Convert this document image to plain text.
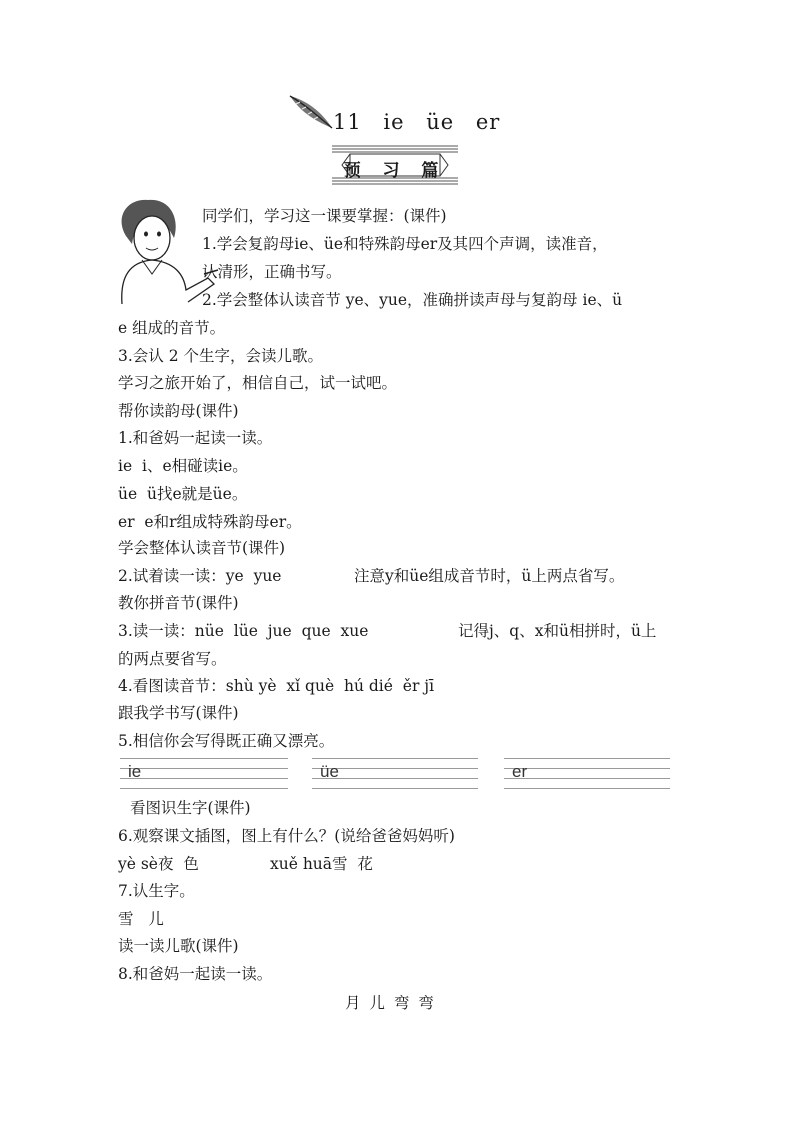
11 ie üe er
预 习 篇
同学们，学习这一课要掌握：(课件)
1.学会复韵母ie、üe和特殊韵母er及其四个声调，读准音，
认清形，正确书写。
2.学会整体认读音节 ye、yue，准确拼读声母与复韵母 ie、ü
e 组成的音节。
3.会认 2 个生字，会读儿歌。
学习之旅开始了，相信自己，试一试吧。
帮你读韵母(课件)
1.和爸妈一起读一读。
ie  i、e相碰读ie。
üe  ü找e就是üe。
er  e和r组成特殊韵母er。
学会整体认读音节(课件)
2.试着读一读：ye  yue	注意y和üe组成音节时，ü上两点省写。
教你拼音节(课件)
3.读一读：nüe  lüe  jue  que  xue	记得j、q、x和ü相拼时，ü上
的两点要省写。
4.看图读音节：shù yè  xǐ què  hú dié  ěr jī
跟我学书写(课件)
5.相信你会写得既正确又漂亮。
ie	üe	er
看图识生字(课件)
6.观察课文插图，图上有什么？(说给爸爸妈妈听)
yè sè夜  色	xuě huā雪  花
7.认生字。
雪   儿
读一读儿歌(课件)
8.和爸妈一起读一读。
月 儿 弯 弯
